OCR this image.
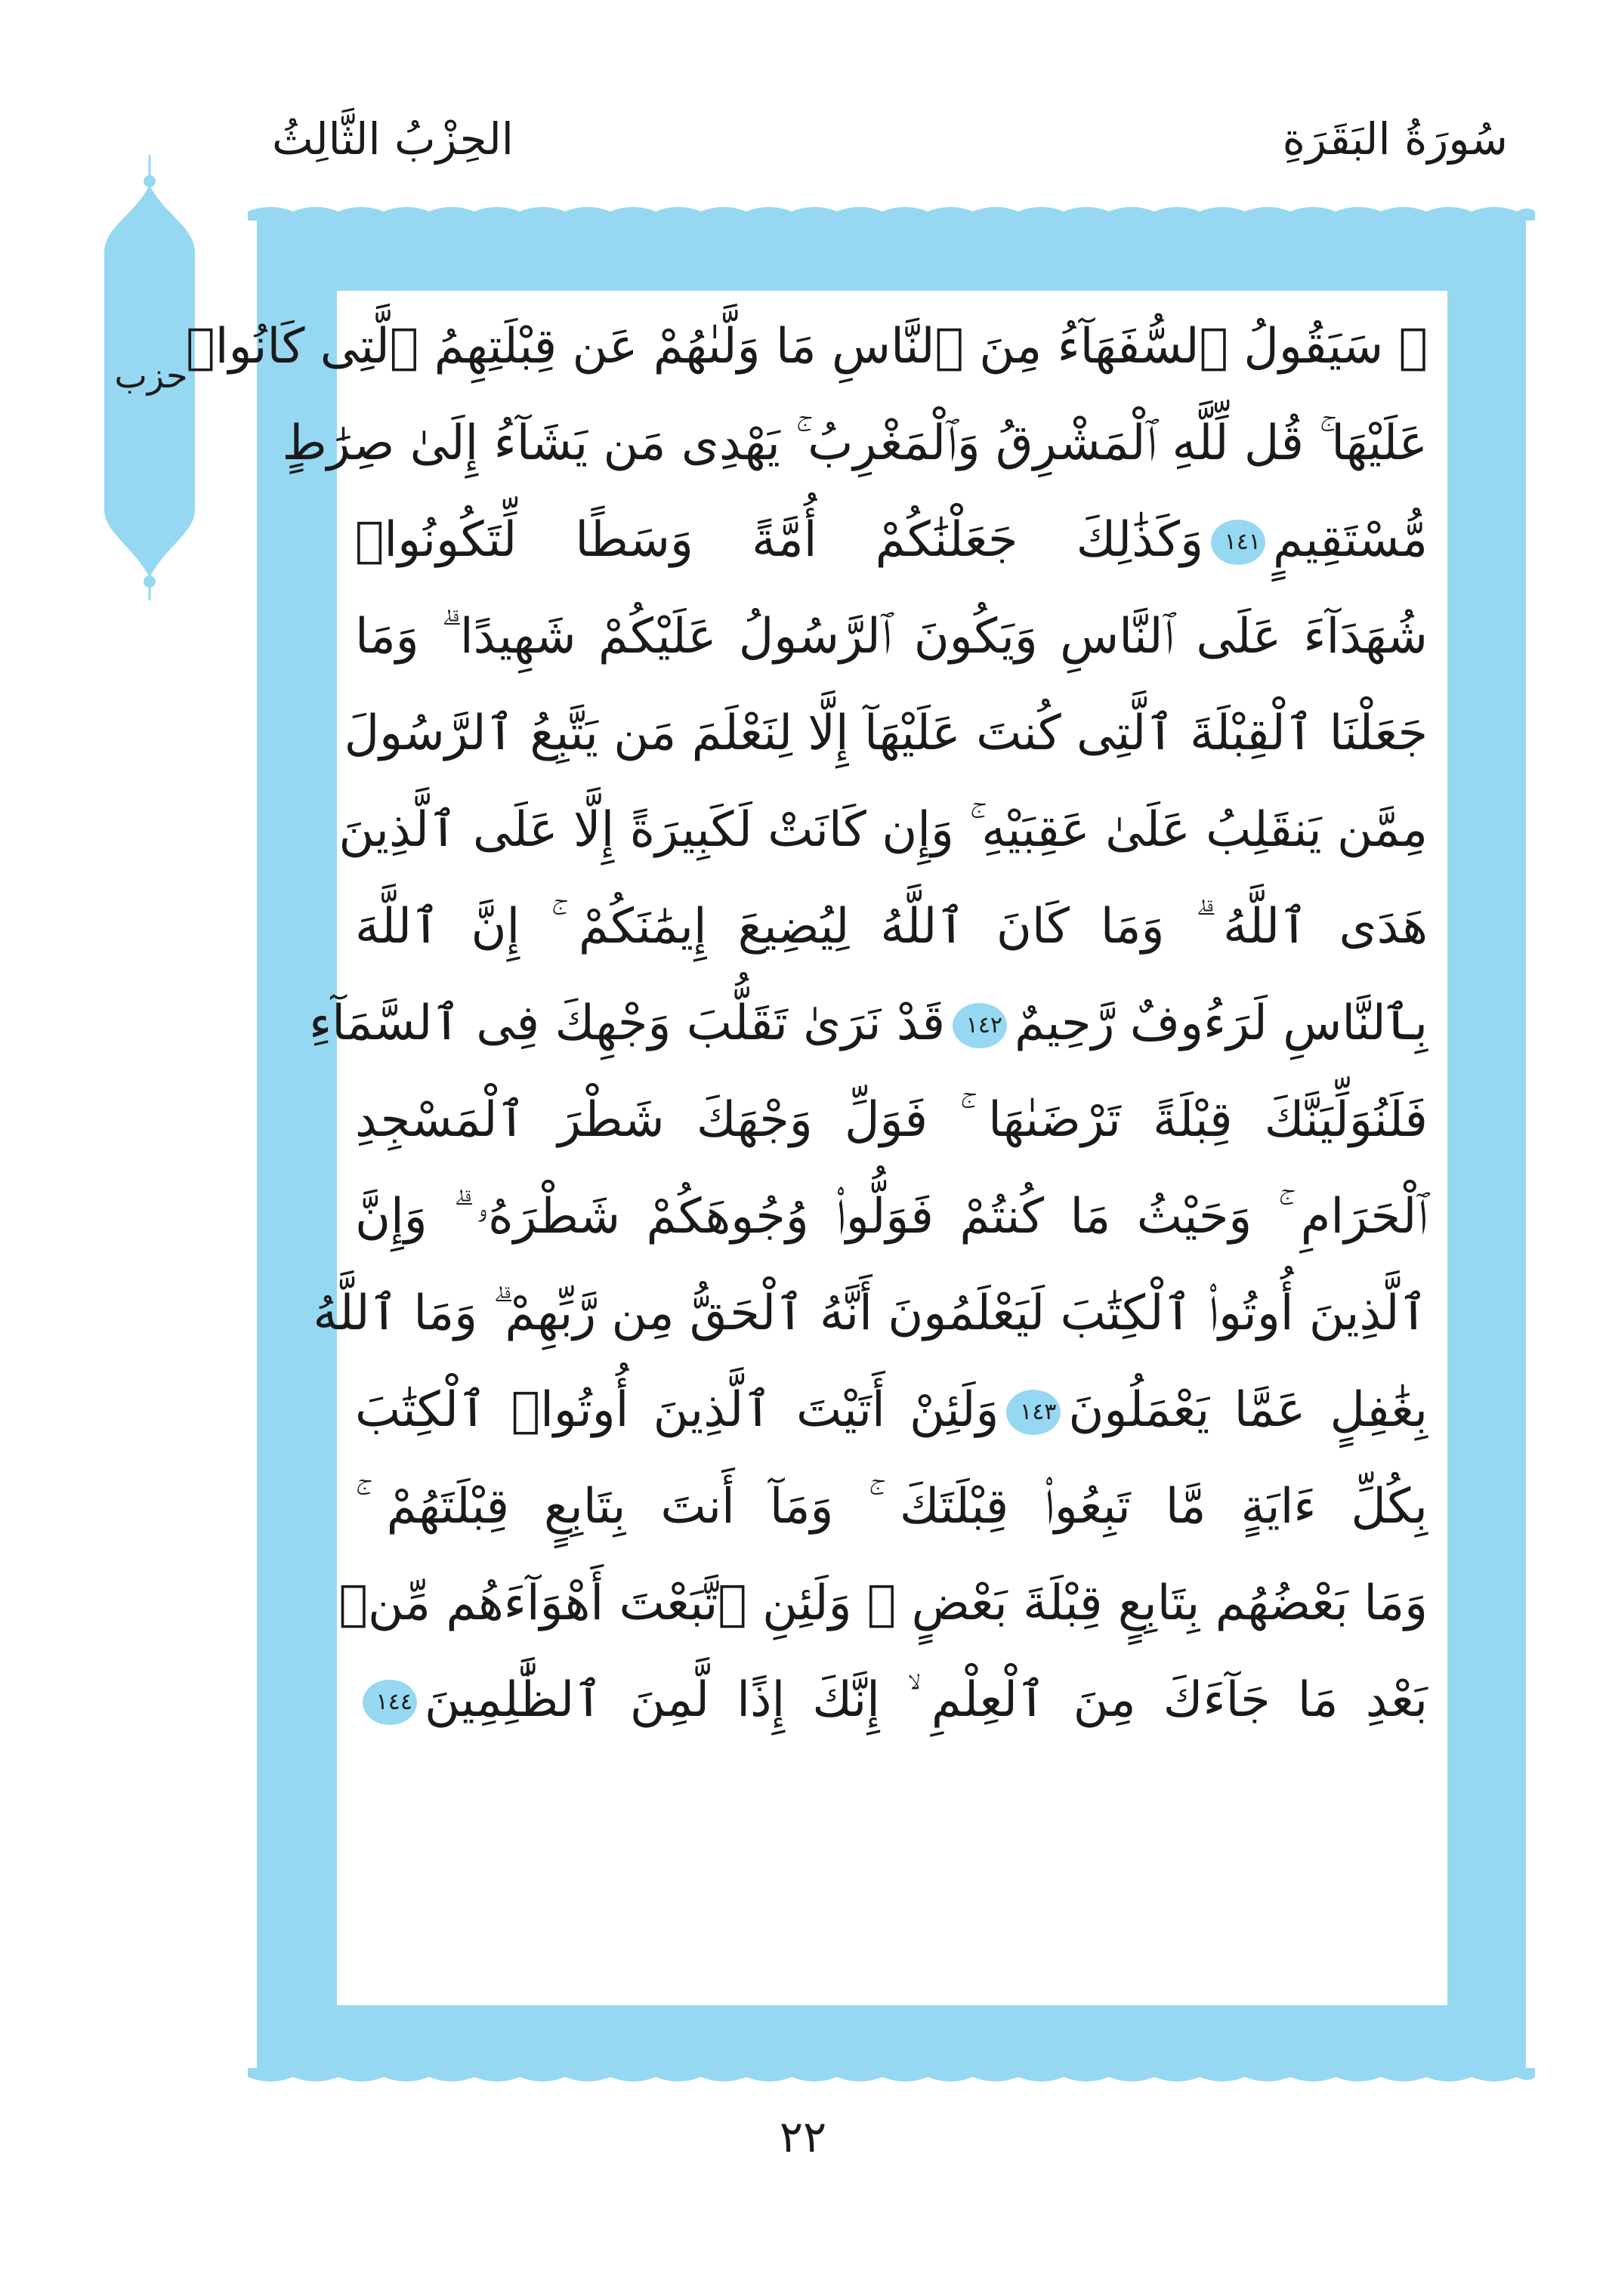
الحِزْبُ الثَّالِثُ	سُورَةُ البَقَرَةِ
حزب
۞ سَيَقُولُ ٱلسُّفَهَآءُ مِنَ ٱلنَّاسِ مَا وَلَّىٰهُمْ عَن قِبْلَتِهِمُ ٱلَّتِى كَانُوا۟
عَلَيْهَا ۚ قُل لِّلَّهِ ٱلْمَشْرِقُ وَٱلْمَغْرِبُ ۚ يَهْدِى مَن يَشَآءُ إِلَىٰ صِرَٰطٍ
مُّسْتَقِيمٍ١٤١وَكَذَٰلِكَ جَعَلْنَٰكُمْ أُمَّةً وَسَطًا لِّتَكُونُوا۟
شُهَدَآءَ عَلَى ٱلنَّاسِ وَيَكُونَ ٱلرَّسُولُ عَلَيْكُمْ شَهِيدًا ۗ وَمَا
جَعَلْنَا ٱلْقِبْلَةَ ٱلَّتِى كُنتَ عَلَيْهَآ إِلَّا لِنَعْلَمَ مَن يَتَّبِعُ ٱلرَّسُولَ
مِمَّن يَنقَلِبُ عَلَىٰ عَقِبَيْهِ ۚ وَإِن كَانَتْ لَكَبِيرَةً إِلَّا عَلَى ٱلَّذِينَ
هَدَى ٱللَّهُ ۗ وَمَا كَانَ ٱللَّهُ لِيُضِيعَ إِيمَٰنَكُمْ ۚ إِنَّ ٱللَّهَ
بِٱلنَّاسِ لَرَءُوفٌ رَّحِيمٌ١٤٢قَدْ نَرَىٰ تَقَلُّبَ وَجْهِكَ فِى ٱلسَّمَآءِ
فَلَنُوَلِّيَنَّكَ قِبْلَةً تَرْضَىٰهَا ۚ فَوَلِّ وَجْهَكَ شَطْرَ ٱلْمَسْجِدِ
ٱلْحَرَامِ ۚ وَحَيْثُ مَا كُنتُمْ فَوَلُّوا۟ وُجُوهَكُمْ شَطْرَهُۥ ۗ وَإِنَّ
ٱلَّذِينَ أُوتُوا۟ ٱلْكِتَٰبَ لَيَعْلَمُونَ أَنَّهُ ٱلْحَقُّ مِن رَّبِّهِمْ ۗ وَمَا ٱللَّهُ
بِغَٰفِلٍ عَمَّا يَعْمَلُونَ١٤٣وَلَئِنْ أَتَيْتَ ٱلَّذِينَ أُوتُوا۟ ٱلْكِتَٰبَ
بِكُلِّ ءَايَةٍ مَّا تَبِعُوا۟ قِبْلَتَكَ ۚ وَمَآ أَنتَ بِتَابِعٍ قِبْلَتَهُمْ ۚ
وَمَا بَعْضُهُم بِتَابِعٍ قِبْلَةَ بَعْضٍ ۚ وَلَئِنِ ٱتَّبَعْتَ أَهْوَآءَهُم مِّنۢ
بَعْدِ مَا جَآءَكَ مِنَ ٱلْعِلْمِ ۙ إِنَّكَ إِذًا لَّمِنَ ٱلظَّٰلِمِينَ١٤٤
٢٢
